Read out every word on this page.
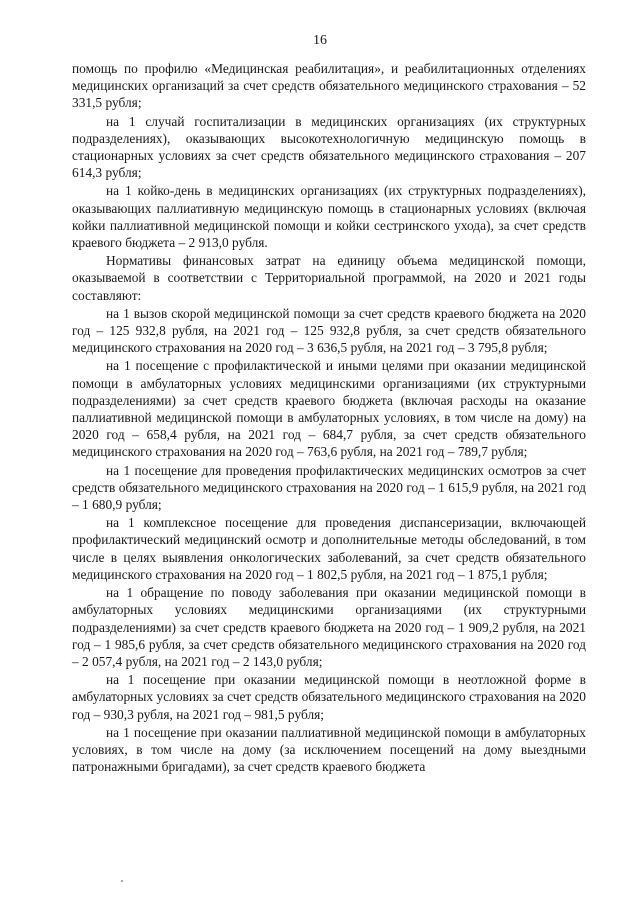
16

помощь по профилю «Медицинская реабилитация», и реабилитационных отделениях медицинских организаций за счет средств обязательного медицинского страхования – 52 331,5 рубля;

на 1 случай госпитализации в медицинских организациях (их структурных подразделениях), оказывающих высокотехнологичную медицинскую помощь в стационарных условиях за счет средств обязательного медицинского страхования – 207 614,3 рубля;

на 1 койко-день в медицинских организациях (их структурных подразделениях), оказывающих паллиативную медицинскую помощь в стационарных условиях (включая койки паллиативной медицинской помощи и койки сестринского ухода), за счет средств краевого бюджета – 2 913,0 рубля.

Нормативы финансовых затрат на единицу объема медицинской помощи, оказываемой в соответствии с Территориальной программой, на 2020 и 2021 годы составляют:

на 1 вызов скорой медицинской помощи за счет средств краевого бюджета на 2020 год – 125 932,8 рубля, на 2021 год – 125 932,8 рубля, за счет средств обязательного медицинского страхования на 2020 год – 3 636,5 рубля, на 2021 год – 3 795,8 рубля;

на 1 посещение с профилактической и иными целями при оказании медицинской помощи в амбулаторных условиях медицинскими организациями (их структурными подразделениями) за счет средств краевого бюджета (включая расходы на оказание паллиативной медицинской помощи в амбулаторных условиях, в том числе на дому) на 2020 год – 658,4 рубля, на 2021 год – 684,7 рубля, за счет средств обязательного медицинского страхования на 2020 год – 763,6 рубля, на 2021 год – 789,7 рубля;

на 1 посещение для проведения профилактических медицинских осмотров за счет средств обязательного медицинского страхования на 2020 год – 1 615,9 рубля, на 2021 год – 1 680,9 рубля;

на 1 комплексное посещение для проведения диспансеризации, включающей профилактический медицинский осмотр и дополнительные методы обследований, в том числе в целях выявления онкологических заболеваний, за счет средств обязательного медицинского страхования на 2020 год – 1 802,5 рубля, на 2021 год – 1 875,1 рубля;

на 1 обращение по поводу заболевания при оказании медицинской помощи в амбулаторных условиях медицинскими организациями (их структурными подразделениями) за счет средств краевого бюджета на 2020 год – 1 909,2 рубля, на 2021 год – 1 985,6 рубля, за счет средств обязательного медицинского страхования на 2020 год – 2 057,4 рубля, на 2021 год – 2 143,0 рубля;

на 1 посещение при оказании медицинской помощи в неотложной форме в амбулаторных условиях за счет средств обязательного медицинского страхования на 2020 год – 930,3 рубля, на 2021 год – 981,5 рубля;

на 1 посещение при оказании паллиативной медицинской помощи в амбулаторных условиях, в том числе на дому (за исключением посещений на дому выездными патронажными бригадами), за счет средств краевого бюджета
